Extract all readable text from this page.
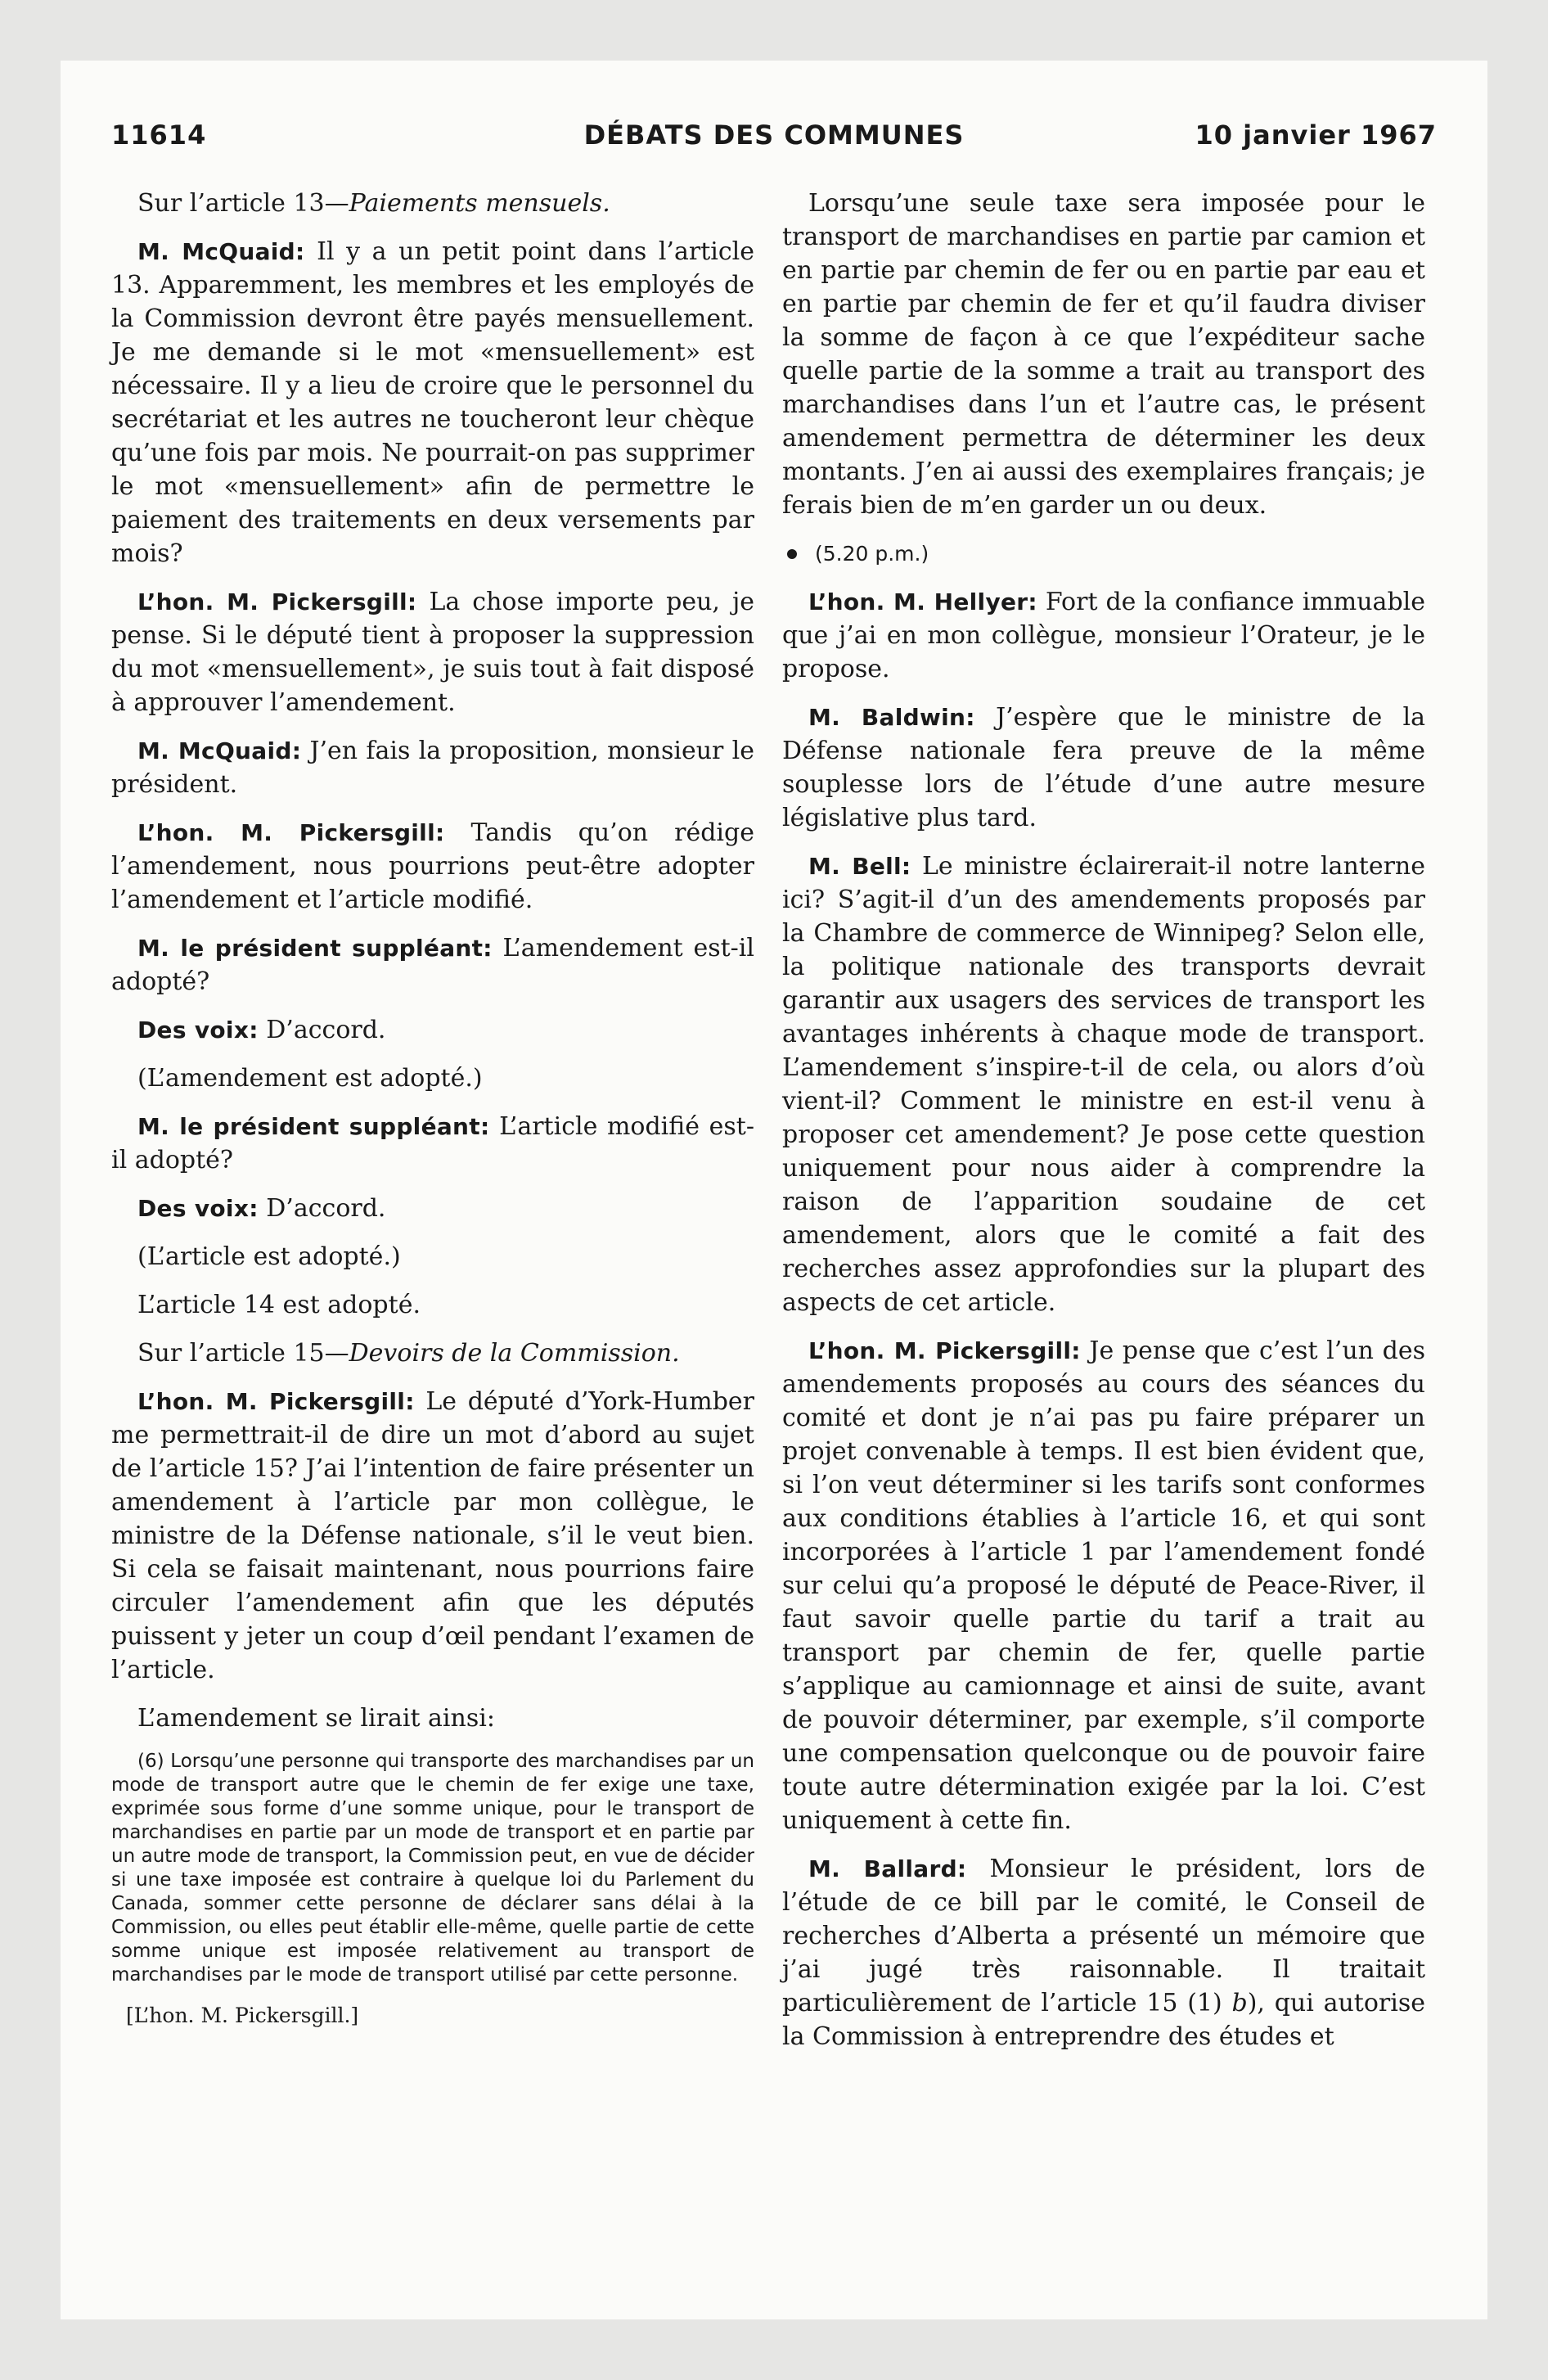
11614	DÉBATS DES COMMUNES	10 janvier 1967

Sur l’article 13—Paiements mensuels.

M. McQuaid: Il y a un petit point dans l’article 13. Apparemment, les membres et les employés de la Commission devront être payés mensuellement. Je me demande si le mot «mensuellement» est nécessaire. Il y a lieu de croire que le personnel du secrétariat et les autres ne toucheront leur chèque qu’une fois par mois. Ne pourrait-on pas supprimer le mot «mensuellement» afin de permettre le paiement des traitements en deux versements par mois?

L’hon. M. Pickersgill: La chose importe peu, je pense. Si le député tient à proposer la suppression du mot «mensuellement», je suis tout à fait disposé à approuver l’amendement.

M. McQuaid: J’en fais la proposition, monsieur le président.

L’hon. M. Pickersgill: Tandis qu’on rédige l’amendement, nous pourrions peut-être adopter l’amendement et l’article modifié.

M. le président suppléant: L’amendement est-il adopté?

Des voix: D’accord.

(L’amendement est adopté.)

M. le président suppléant: L’article modifié est-il adopté?

Des voix: D’accord.

(L’article est adopté.)

L’article 14 est adopté.

Sur l’article 15—Devoirs de la Commission.

L’hon. M. Pickersgill: Le député d’York-Humber me permettrait-il de dire un mot d’abord au sujet de l’article 15? J’ai l’intention de faire présenter un amendement à l’article par mon collègue, le ministre de la Défense nationale, s’il le veut bien. Si cela se faisait maintenant, nous pourrions faire circuler l’amendement afin que les députés puissent y jeter un coup d’œil pendant l’examen de l’article.

L’amendement se lirait ainsi:

(6) Lorsqu’une personne qui transporte des marchandises par un mode de transport autre que le chemin de fer exige une taxe, exprimée sous forme d’une somme unique, pour le transport de marchandises en partie par un mode de transport et en partie par un autre mode de transport, la Commission peut, en vue de décider si une taxe imposée est contraire à quelque loi du Parlement du Canada, sommer cette personne de déclarer sans délai à la Commission, ou elles peut établir elle-même, quelle partie de cette somme unique est imposée relativement au transport de marchandises par le mode de transport utilisé par cette personne.

[L’hon. M. Pickersgill.]

Lorsqu’une seule taxe sera imposée pour le transport de marchandises en partie par camion et en partie par chemin de fer ou en partie par eau et en partie par chemin de fer et qu’il faudra diviser la somme de façon à ce que l’expéditeur sache quelle partie de la somme a trait au transport des marchandises dans l’un et l’autre cas, le présent amendement permettra de déterminer les deux montants. J’en ai aussi des exemplaires français; je ferais bien de m’en garder un ou deux.

(5.20 p.m.)

L’hon. M. Hellyer: Fort de la confiance immuable que j’ai en mon collègue, monsieur l’Orateur, je le propose.

M. Baldwin: J’espère que le ministre de la Défense nationale fera preuve de la même souplesse lors de l’étude d’une autre mesure législative plus tard.

M. Bell: Le ministre éclairerait-il notre lanterne ici? S’agit-il d’un des amendements proposés par la Chambre de commerce de Winnipeg? Selon elle, la politique nationale des transports devrait garantir aux usagers des services de transport les avantages inhérents à chaque mode de transport. L’amendement s’inspire-t-il de cela, ou alors d’où vient-il? Comment le ministre en est-il venu à proposer cet amendement? Je pose cette question uniquement pour nous aider à comprendre la raison de l’apparition soudaine de cet amendement, alors que le comité a fait des recherches assez approfondies sur la plupart des aspects de cet article.

L’hon. M. Pickersgill: Je pense que c’est l’un des amendements proposés au cours des séances du comité et dont je n’ai pas pu faire préparer un projet convenable à temps. Il est bien évident que, si l’on veut déterminer si les tarifs sont conformes aux conditions établies à l’article 16, et qui sont incorporées à l’article 1 par l’amendement fondé sur celui qu’a proposé le député de Peace-River, il faut savoir quelle partie du tarif a trait au transport par chemin de fer, quelle partie s’applique au camionnage et ainsi de suite, avant de pouvoir déterminer, par exemple, s’il comporte une compensation quelconque ou de pouvoir faire toute autre détermination exigée par la loi. C’est uniquement à cette fin.

M. Ballard: Monsieur le président, lors de l’étude de ce bill par le comité, le Conseil de recherches d’Alberta a présenté un mémoire que j’ai jugé très raisonnable. Il traitait particulièrement de l’article 15 (1) b), qui autorise la Commission à entreprendre des études et
